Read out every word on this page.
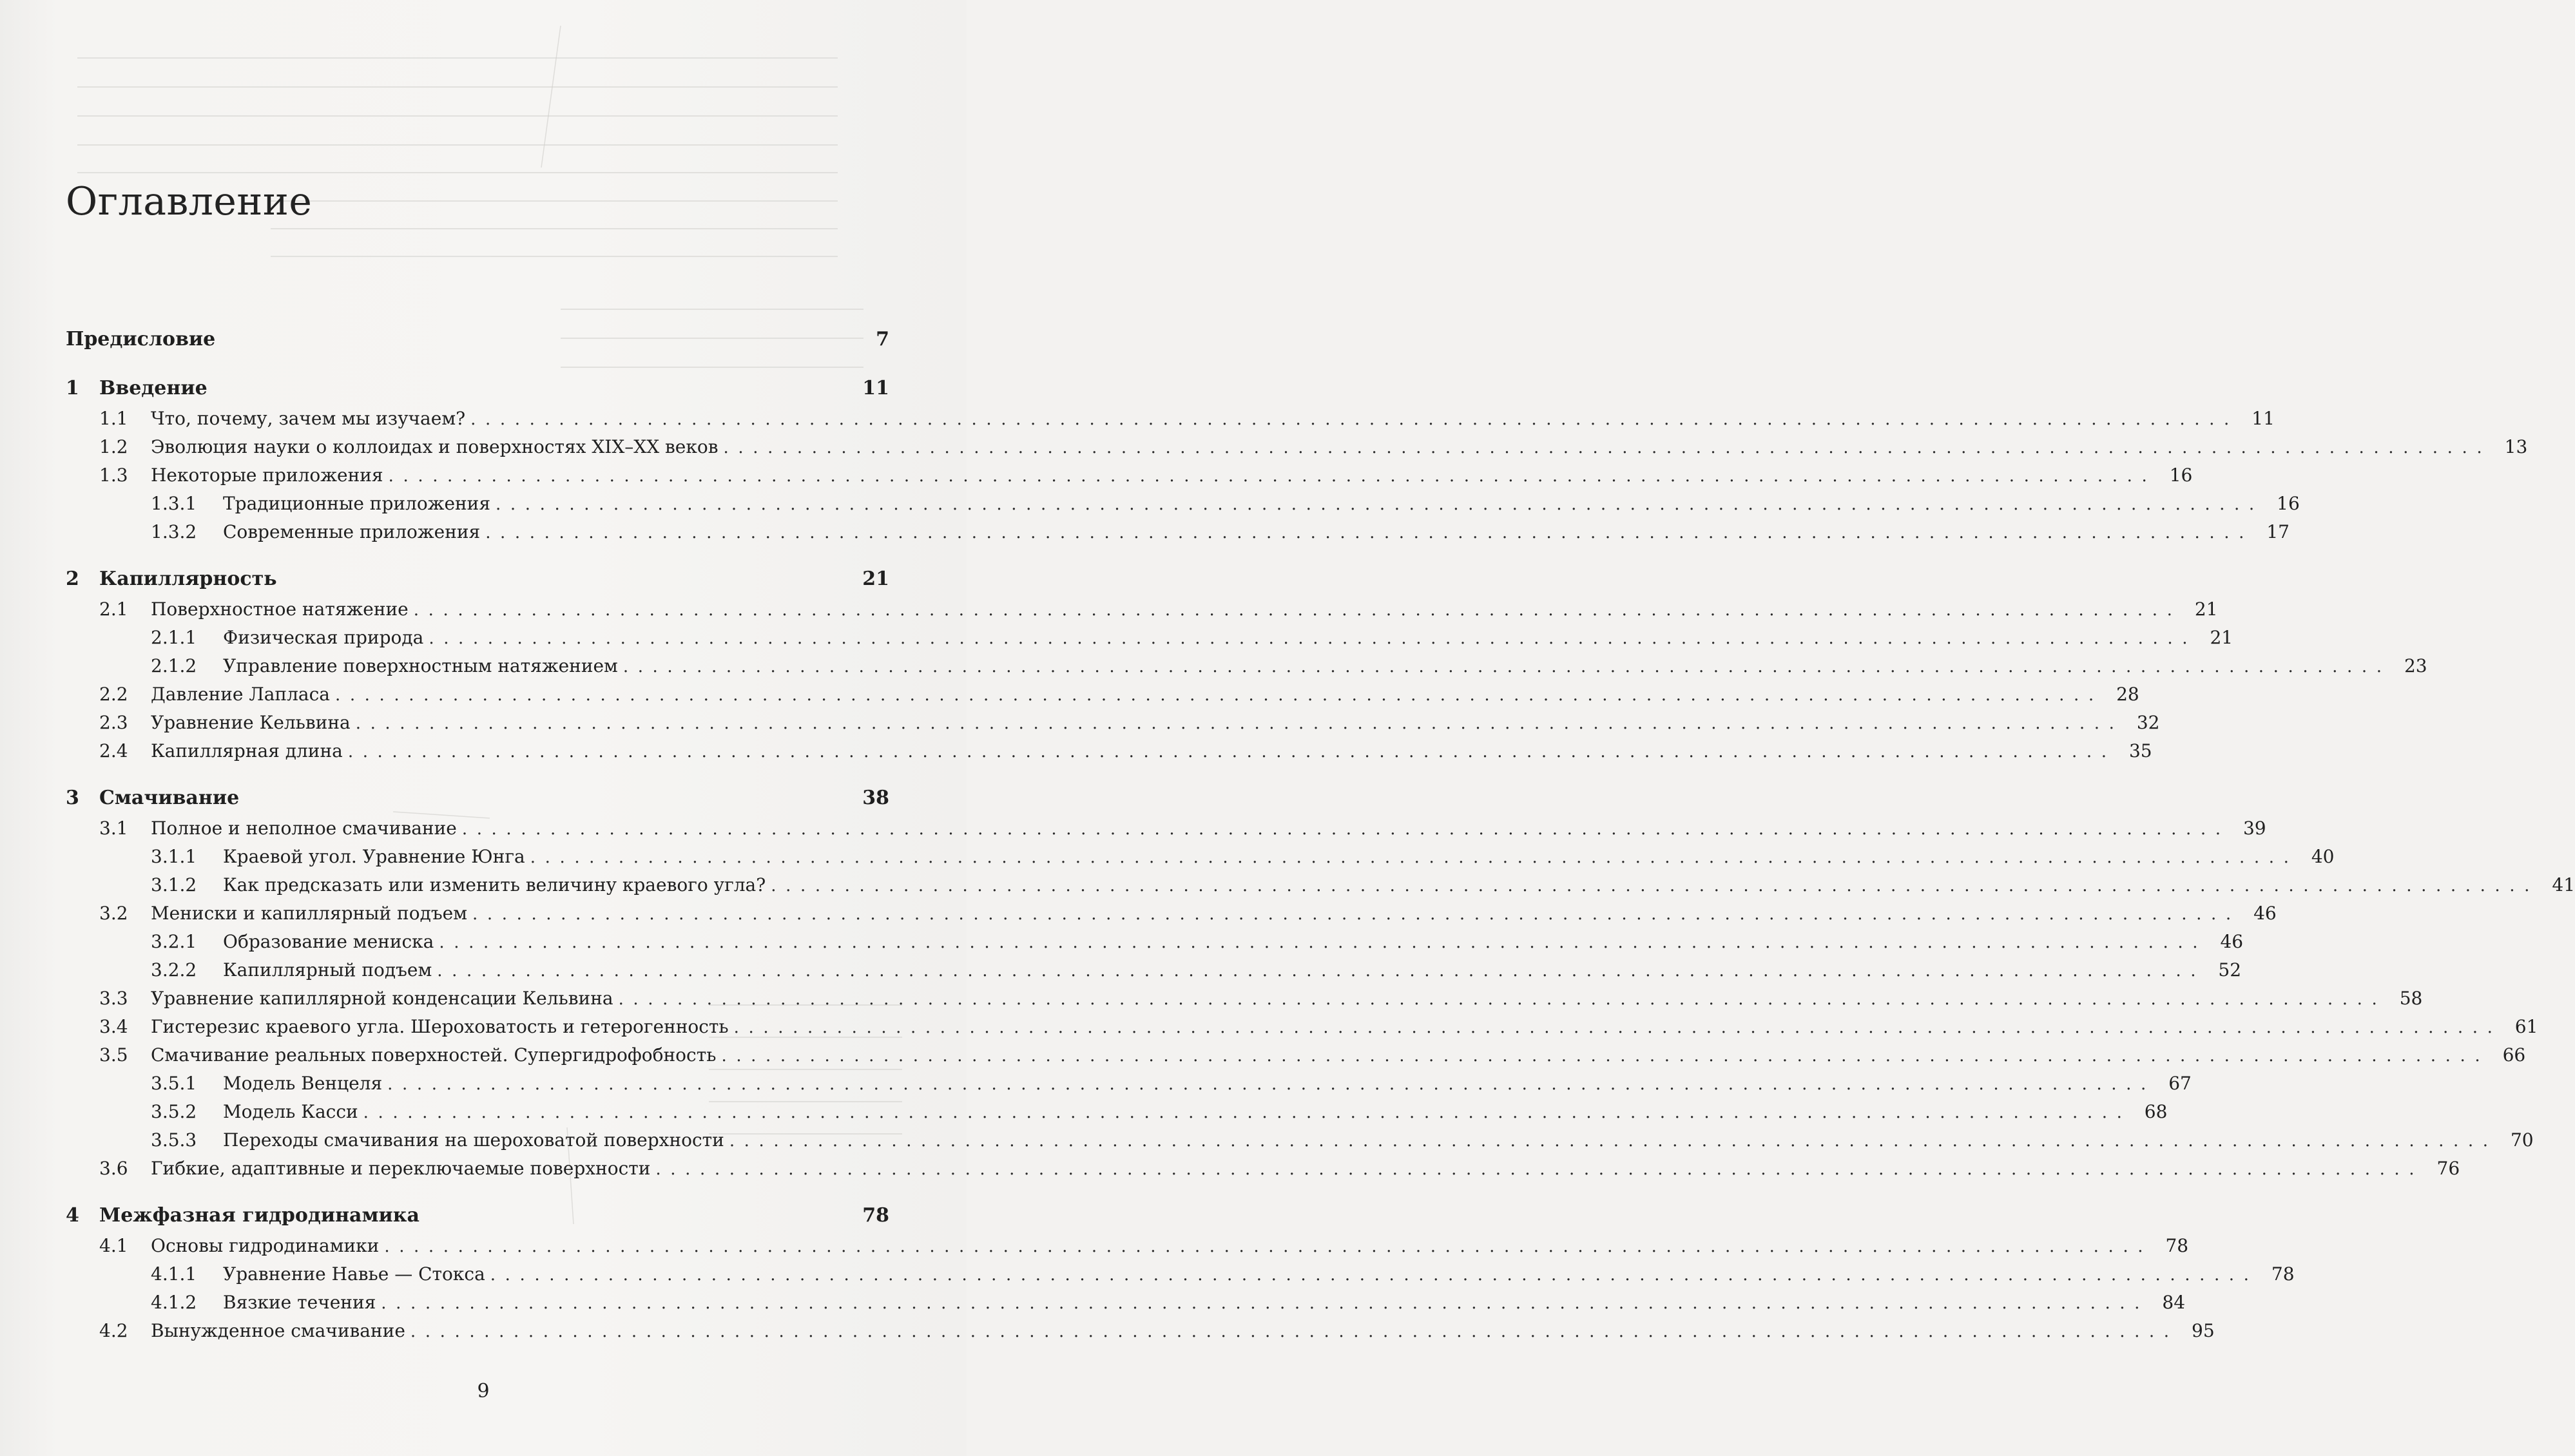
Оглавление
Предисловие	7
1	Введение	11
1.1	Что, почему, зачем мы изучаем? ........................................................................................................................ 11
1.2	Эволюция науки о коллоидах и поверхностях XIX–XX веков ........................................................................................................................ 13
1.3	Некоторые приложения ........................................................................................................................ 16
1.3.1	Традиционные приложения ........................................................................................................................ 16
1.3.2	Современные приложения ........................................................................................................................ 17
2	Капиллярность	21
2.1	Поверхностное натяжение ........................................................................................................................ 21
2.1.1	Физическая природа ........................................................................................................................ 21
2.1.2	Управление поверхностным натяжением ........................................................................................................................ 23
2.2	Давление Лапласа ........................................................................................................................ 28
2.3	Уравнение Кельвина ........................................................................................................................ 32
2.4	Капиллярная длина ........................................................................................................................ 35
3	Смачивание	38
3.1	Полное и неполное смачивание ........................................................................................................................ 39
3.1.1	Краевой угол. Уравнение Юнга ........................................................................................................................ 40
3.1.2	Как предсказать или изменить величину краевого угла? ........................................................................................................................ 41
3.2	Мениски и капиллярный подъем ........................................................................................................................ 46
3.2.1	Образование мениска ........................................................................................................................ 46
3.2.2	Капиллярный подъем ........................................................................................................................ 52
3.3	Уравнение капиллярной конденсации Кельвина ........................................................................................................................ 58
3.4	Гистерезис краевого угла. Шероховатость и гетерогенность ........................................................................................................................ 61
3.5	Смачивание реальных поверхностей. Супергидрофобность ........................................................................................................................ 66
3.5.1	Модель Венцеля ........................................................................................................................ 67
3.5.2	Модель Касси ........................................................................................................................ 68
3.5.3	Переходы смачивания на шероховатой поверхности ........................................................................................................................ 70
3.6	Гибкие, адаптивные и переключаемые поверхности ........................................................................................................................ 76
4	Межфазная гидродинамика	78
4.1	Основы гидродинамики ........................................................................................................................ 78
4.1.1	Уравнение Навье — Стокса ........................................................................................................................ 78
4.1.2	Вязкие течения ........................................................................................................................ 84
4.2	Вынужденное смачивание ........................................................................................................................ 95
9
